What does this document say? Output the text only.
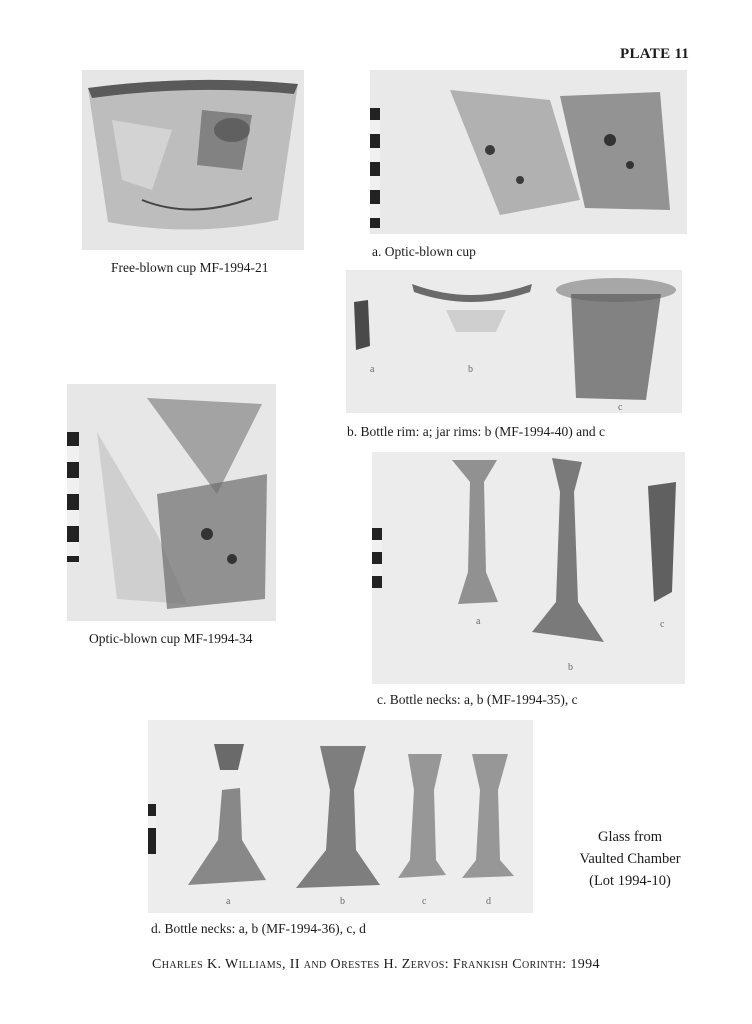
PLATE 11
Free-blown cup MF-1994-21
a. Optic-blown cup
a	b
c
b. Bottle rim: a; jar rims: b (MF-1994-40) and c
Optic-blown cup MF-1994-34
a
b
c
c. Bottle necks: a, b (MF-1994-35), c
a	b	c	d
d. Bottle necks: a, b (MF-1994-36), c, d
Glass from
Vaulted Chamber
(Lot 1994-10)
Charles K. Williams, II and Orestes H. Zervos: Frankish Corinth: 1994
